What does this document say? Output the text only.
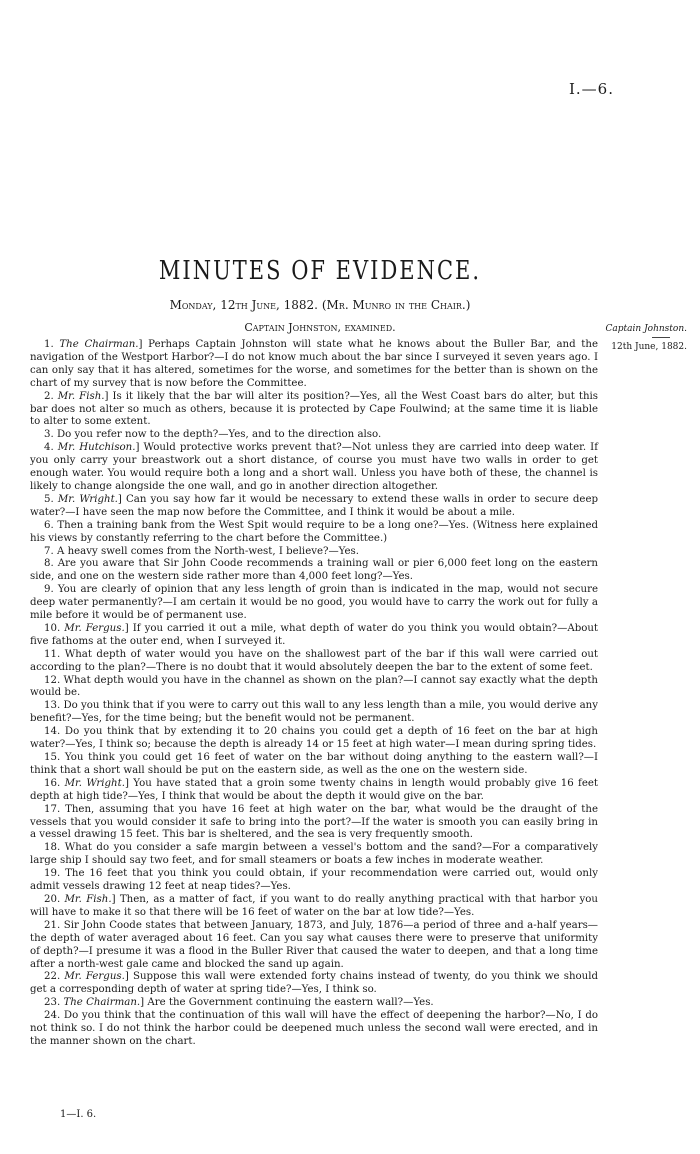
I.—6.
MINUTES OF EVIDENCE.
Monday, 12th June, 1882. (Mr. Munro in the Chair.)
Captain Johnston, examined.	Captain Johnston.
12th June, 1882.

1. The Chairman.] Perhaps Captain Johnston will state what he knows about the Buller Bar, and the navigation of the Westport Harbor?—I do not know much about the bar since I surveyed it seven years ago. I can only say that it has altered, sometimes for the worse, and sometimes for the better than is shown on the chart of my survey that is now before the Committee.

2. Mr. Fish.] Is it likely that the bar will alter its position?—Yes, all the West Coast bars do alter, but this bar does not alter so much as others, because it is protected by Cape Foulwind; at the same time it is liable to alter to some extent.

3. Do you refer now to the depth?—Yes, and to the direction also.

4. Mr. Hutchison.] Would protective works prevent that?—Not unless they are carried into deep water. If you only carry your breastwork out a short distance, of course you must have two walls in order to get enough water. You would require both a long and a short wall. Unless you have both of these, the channel is likely to change alongside the one wall, and go in another direction altogether.

5. Mr. Wright.] Can you say how far it would be necessary to extend these walls in order to secure deep water?—I have seen the map now before the Committee, and I think it would be about a mile.

6. Then a training bank from the West Spit would require to be a long one?—Yes. (Witness here explained his views by constantly referring to the chart before the Committee.)

7. A heavy swell comes from the North-west, I believe?—Yes.

8. Are you aware that Sir John Coode recommends a training wall or pier 6,000 feet long on the eastern side, and one on the western side rather more than 4,000 feet long?—Yes.

9. You are clearly of opinion that any less length of groin than is indicated in the map, would not secure deep water permanently?—I am certain it would be no good, you would have to carry the work out for fully a mile before it would be of permanent use.

10. Mr. Fergus.] If you carried it out a mile, what depth of water do you think you would obtain?—About five fathoms at the outer end, when I surveyed it.

11. What depth of water would you have on the shallowest part of the bar if this wall were carried out according to the plan?—There is no doubt that it would absolutely deepen the bar to the extent of some feet.

12. What depth would you have in the channel as shown on the plan?—I cannot say exactly what the depth would be.

13. Do you think that if you were to carry out this wall to any less length than a mile, you would derive any benefit?—Yes, for the time being; but the benefit would not be permanent.

14. Do you think that by extending it to 20 chains you could get a depth of 16 feet on the bar at high water?—Yes, I think so; because the depth is already 14 or 15 feet at high water—I mean during spring tides.

15. You think you could get 16 feet of water on the bar without doing anything to the eastern wall?—I think that a short wall should be put on the eastern side, as well as the one on the western side.

16. Mr. Wright.] You have stated that a groin some twenty chains in length would probably give 16 feet depth at high tide?—Yes, I think that would be about the depth it would give on the bar.

17. Then, assuming that you have 16 feet at high water on the bar, what would be the draught of the vessels that you would consider it safe to bring into the port?—If the water is smooth you can easily bring in a vessel drawing 15 feet. This bar is sheltered, and the sea is very frequently smooth.

18. What do you consider a safe margin between a vessel's bottom and the sand?—For a comparatively large ship I should say two feet, and for small steamers or boats a few inches in moderate weather.

19. The 16 feet that you think you could obtain, if your recommendation were carried out, would only admit vessels drawing 12 feet at neap tides?—Yes.

20. Mr. Fish.] Then, as a matter of fact, if you want to do really anything practical with that harbor you will have to make it so that there will be 16 feet of water on the bar at low tide?—Yes.

21. Sir John Coode states that between January, 1873, and July, 1876—a period of three and a-half years—the depth of water averaged about 16 feet. Can you say what causes there were to preserve that uniformity of depth?—I presume it was a flood in the Buller River that caused the water to deepen, and that a long time after a north-west gale came and blocked the sand up again.

22. Mr. Fergus.] Suppose this wall were extended forty chains instead of twenty, do you think we should get a corresponding depth of water at spring tide?—Yes, I think so.

23. The Chairman.] Are the Government continuing the eastern wall?—Yes.

24. Do you think that the continuation of this wall will have the effect of deepening the harbor?—No, I do not think so. I do not think the harbor could be deepened much unless the second wall were erected, and in the manner shown on the chart.

1—I. 6.
